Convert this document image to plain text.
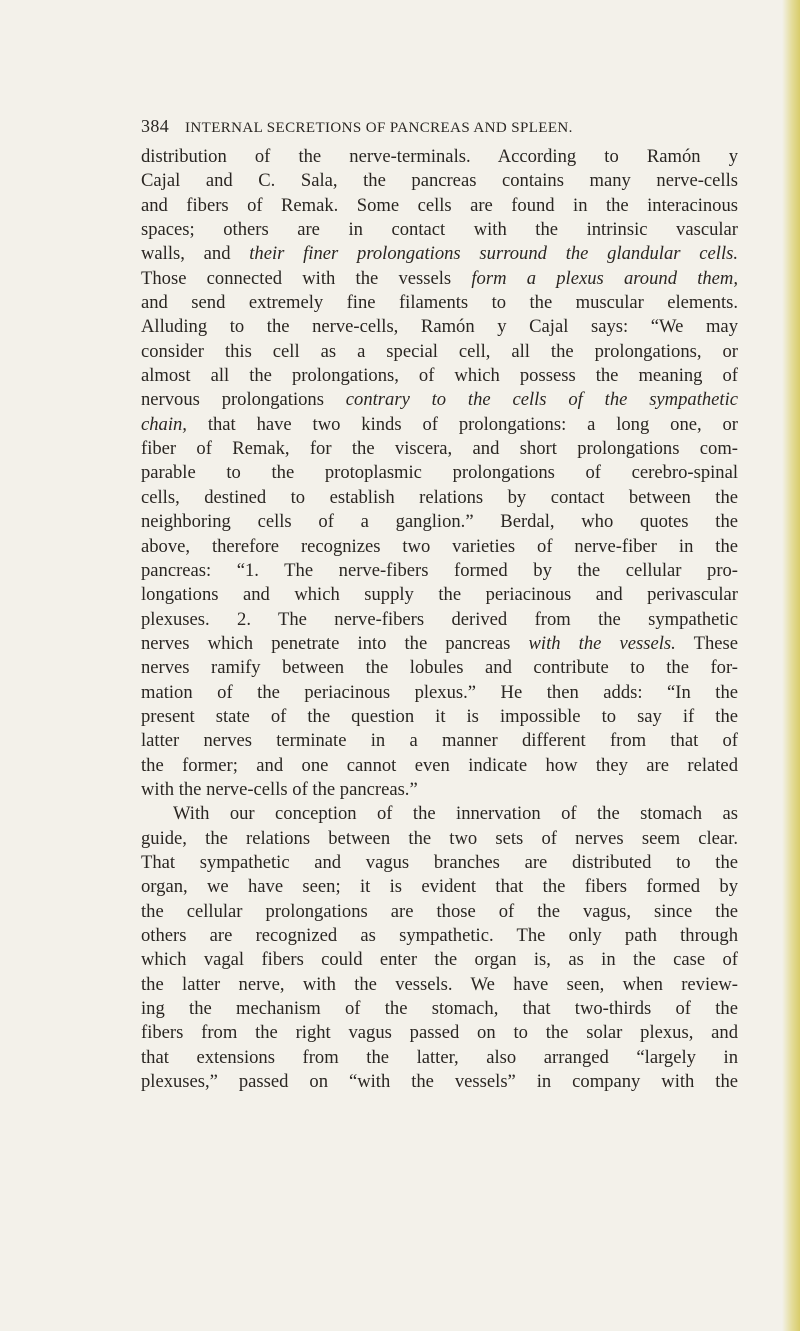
384 INTERNAL SECRETIONS OF PANCREAS AND SPLEEN.
distribution of the nerve-terminals. According to Ramón y
Cajal and C. Sala, the pancreas contains many nerve-cells
and fibers of Remak. Some cells are found in the interacinous
spaces; others are in contact with the intrinsic vascular
walls, and their finer prolongations surround the glandular cells.
Those connected with the vessels form a plexus around them,
and send extremely fine filaments to the muscular elements.
Alluding to the nerve-cells, Ramón y Cajal says: “We may
consider this cell as a special cell, all the prolongations, or
almost all the prolongations, of which possess the meaning of
nervous prolongations contrary to the cells of the sympathetic
chain, that have two kinds of prolongations: a long one, or
fiber of Remak, for the viscera, and short prolongations com-
parable to the protoplasmic prolongations of cerebro-spinal
cells, destined to establish relations by contact between the
neighboring cells of a ganglion.” Berdal, who quotes the
above, therefore recognizes two varieties of nerve-fiber in the
pancreas: “1. The nerve-fibers formed by the cellular pro-
longations and which supply the periacinous and perivascular
plexuses. 2. The nerve-fibers derived from the sympathetic
nerves which penetrate into the pancreas with the vessels. These
nerves ramify between the lobules and contribute to the for-
mation of the periacinous plexus.” He then adds: “In the
present state of the question it is impossible to say if the
latter nerves terminate in a manner different from that of
the former; and one cannot even indicate how they are related
with the nerve-cells of the pancreas.”
With our conception of the innervation of the stomach as
guide, the relations between the two sets of nerves seem clear.
That sympathetic and vagus branches are distributed to the
organ, we have seen; it is evident that the fibers formed by
the cellular prolongations are those of the vagus, since the
others are recognized as sympathetic. The only path through
which vagal fibers could enter the organ is, as in the case of
the latter nerve, with the vessels. We have seen, when review-
ing the mechanism of the stomach, that two-thirds of the
fibers from the right vagus passed on to the solar plexus, and
that extensions from the latter, also arranged “largely in
plexuses,” passed on “with the vessels” in company with the
